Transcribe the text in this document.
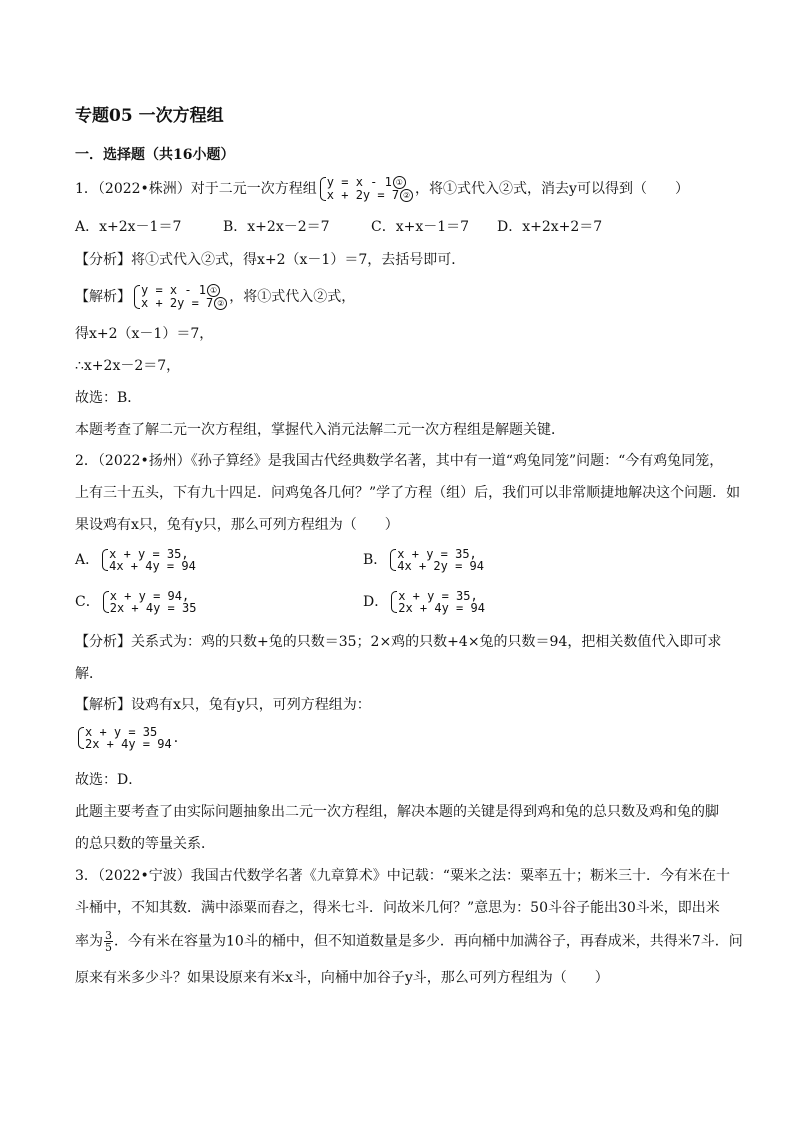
专题05 一次方程组
一．选择题（共16小题）
1．（2022•株洲）对于二元一次方程组 y = x - 1 ①
x + 2y = 7 ② ，将①式代入②式，消去y可以得到（　　）
A．x+2x－1＝7	B．x+2x－2＝7	C．x+x－1＝7 D．x+2x+2＝7
【分析】将①式代入②式，得x+2（x－1）＝7，去括号即可．
【解析】 y = x - 1 ①
x + 2y = 7 ② ，将①式代入②式，
得x+2（x－1）＝7，
∴x+2x－2＝7，
故选：B．
本题考查了解二元一次方程组，掌握代入消元法解二元一次方程组是解题关键．
2．（2022•扬州）《孙子算经》是我国古代经典数学名著，其中有一道“鸡兔同笼”问题：“今有鸡兔同笼，
上有三十五头，下有九十四足．问鸡兔各几何？”学了方程（组）后，我们可以非常顺捷地解决这个问题．如
果设鸡有x只，兔有y只，那么可列方程组为（　　）
A． x + y = 35,
4x + 4y = 94	B． x + y = 35,
4x + 2y = 94
C． x + y = 94,
2x + 4y = 35	D． x + y = 35,
2x + 4y = 94
【分析】关系式为：鸡的只数+兔的只数＝35；2×鸡的只数+4×兔的只数＝94，把相关数值代入即可求
解．
【解析】设鸡有x只，兔有y只，可列方程组为：
x + y = 35
2x + 4y = 94 ．
故选：D．
此题主要考查了由实际问题抽象出二元一次方程组，解决本题的关键是得到鸡和兔的总只数及鸡和兔的脚
的总只数的等量关系．
3．（2022•宁波）我国古代数学名著《九章算术》中记载：“粟米之法：粟率五十；粝米三十．今有米在十
斗桶中，不知其数．满中添粟而舂之，得米七斗．问故米几何？”意思为：50斗谷子能出30斗米，即出米
率为 $\frac{3}{5}$ ．今有米在容量为10斗的桶中，但不知道数量是多少．再向桶中加满谷子，再舂成米，共得米7斗．问
原来有米多少斗？如果设原来有米x斗，向桶中加谷子y斗，那么可列方程组为（　　）
